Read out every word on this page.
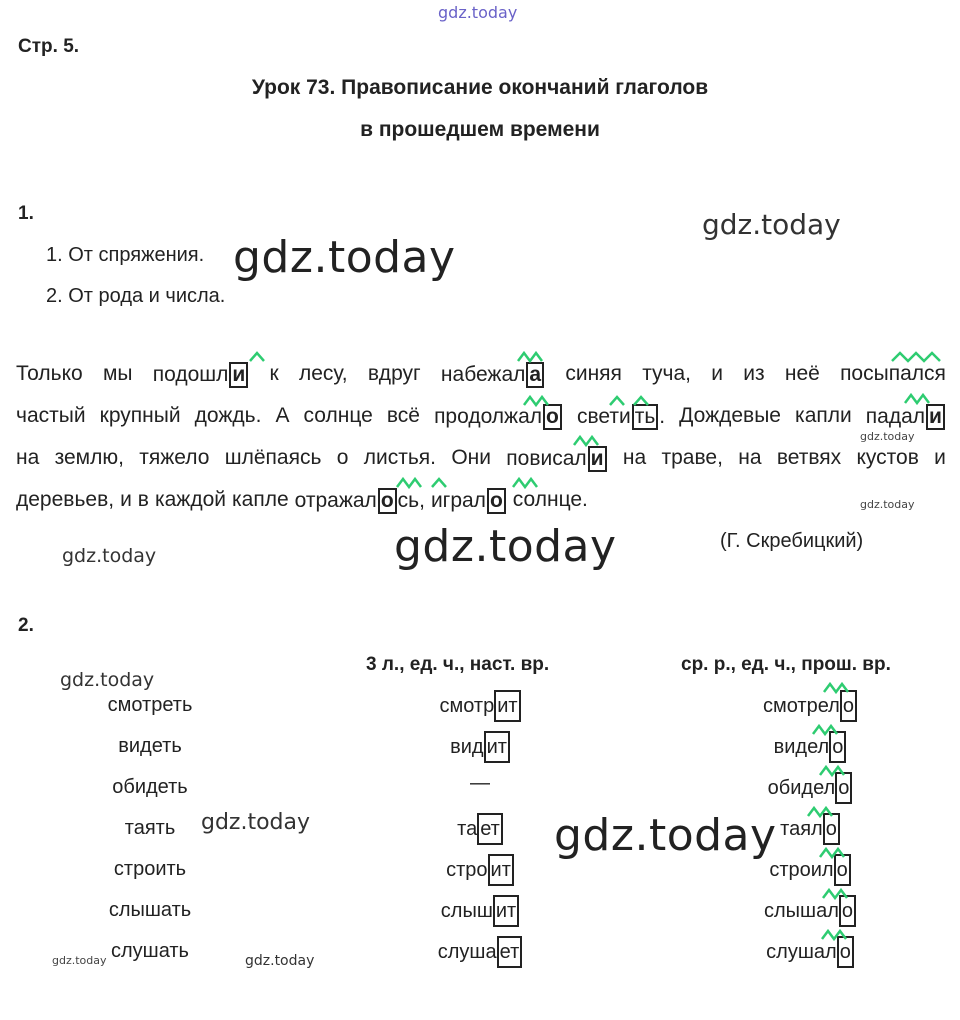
gdz.today
gdz.today
gdz.today
gdz.today
gdz.today
gdz.today
gdz.today
gdz.today
gdz.today	gdz.today
gdz.today	gdz.today
Стр. 5.
Урок 73. Правописание окончаний глаголов
в прошедшем времени
1.
1. От спряжения.
2. От рода и числа.
Только мы подошл и к лесу, вдруг набежал а синяя туча, и из неё посыпался
частый крупный дождь. А солнце всё продолжал о свети ть . Дождевые капли падал и
на землю, тяжело шлёпаясь о листья. Они повисал и на траве, на ветвях кустов и
деревьев, и в каждой капле отражал о сь, играл о солнце.
(Г. Скребицкий)
2.
3 л., ед. ч., наст. вр.	ср. р., ед. ч., прош. вр.
смотреть	смотр ит	смотрел о
видеть	вид ит	видел о
обидеть	—	обидел о
таять	та ет	таял о
строить	стро ит	строил о
слышать	слыш ит	слышал о
слушать	слуша ет	слушал о
